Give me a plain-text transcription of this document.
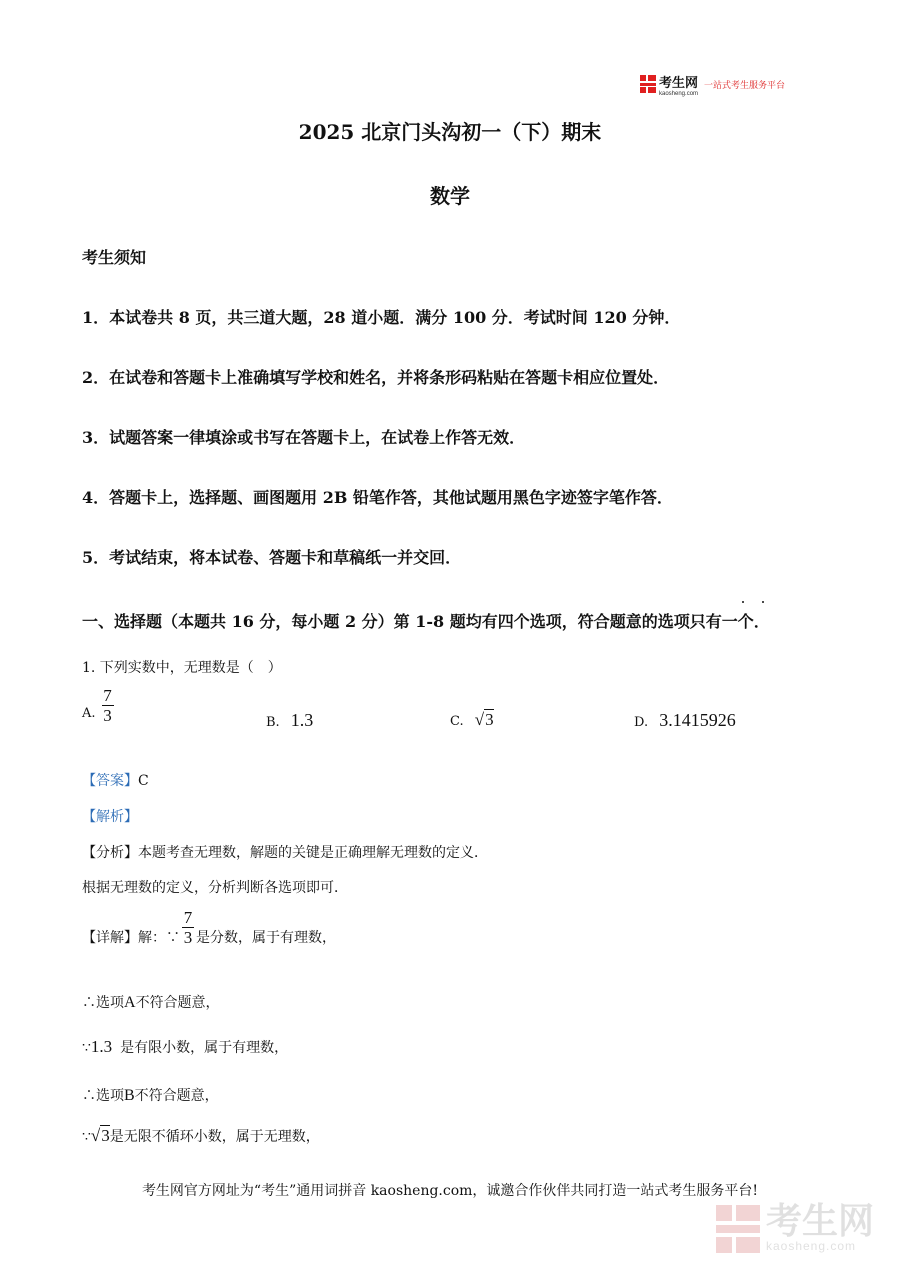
考生网
kaosheng.com
一站式考生服务平台
2025 北京门头沟初一（下）期末
数学
考生须知
1．本试卷共 8 页，共三道大题，28 道小题．满分 100 分．考试时间 120 分钟．
2．在试卷和答题卡上准确填写学校和姓名，并将条形码粘贴在答题卡相应位置处．
3．试题答案一律填涂或书写在答题卡上，在试卷上作答无效．
4．答题卡上，选择题、画图题用 2B 铅笔作答，其他试题用黑色字迹签字笔作答．
5．考试结束，将本试卷、答题卡和草稿纸一并交回．
一、选择题（本题共 16 分，每小题 2 分）第 1-8 题均有四个选项，符合题意的选项只有一个．
1. 下列实数中，无理数是（　）
A. $\frac{7}{3}$	B. 1.3	C. √3	D. 3.1415926
【答案】C
【解析】
【分析】本题考查无理数，解题的关键是正确理解无理数的定义．
根据无理数的定义，分析判断各选项即可．
【详解】 解：∵ $\frac{7}{3}$ 是分数，属于有理数，
∴选项A不符合题意，
∵1.3 是有限小数，属于有理数，
∴选项B不符合题意，
∵√3是无限不循环小数，属于无理数，
考生网官方网址为“考生”通用词拼音 kaosheng.com，诚邀合作伙伴共同打造一站式考生服务平台!
考生网
kaosheng.com
